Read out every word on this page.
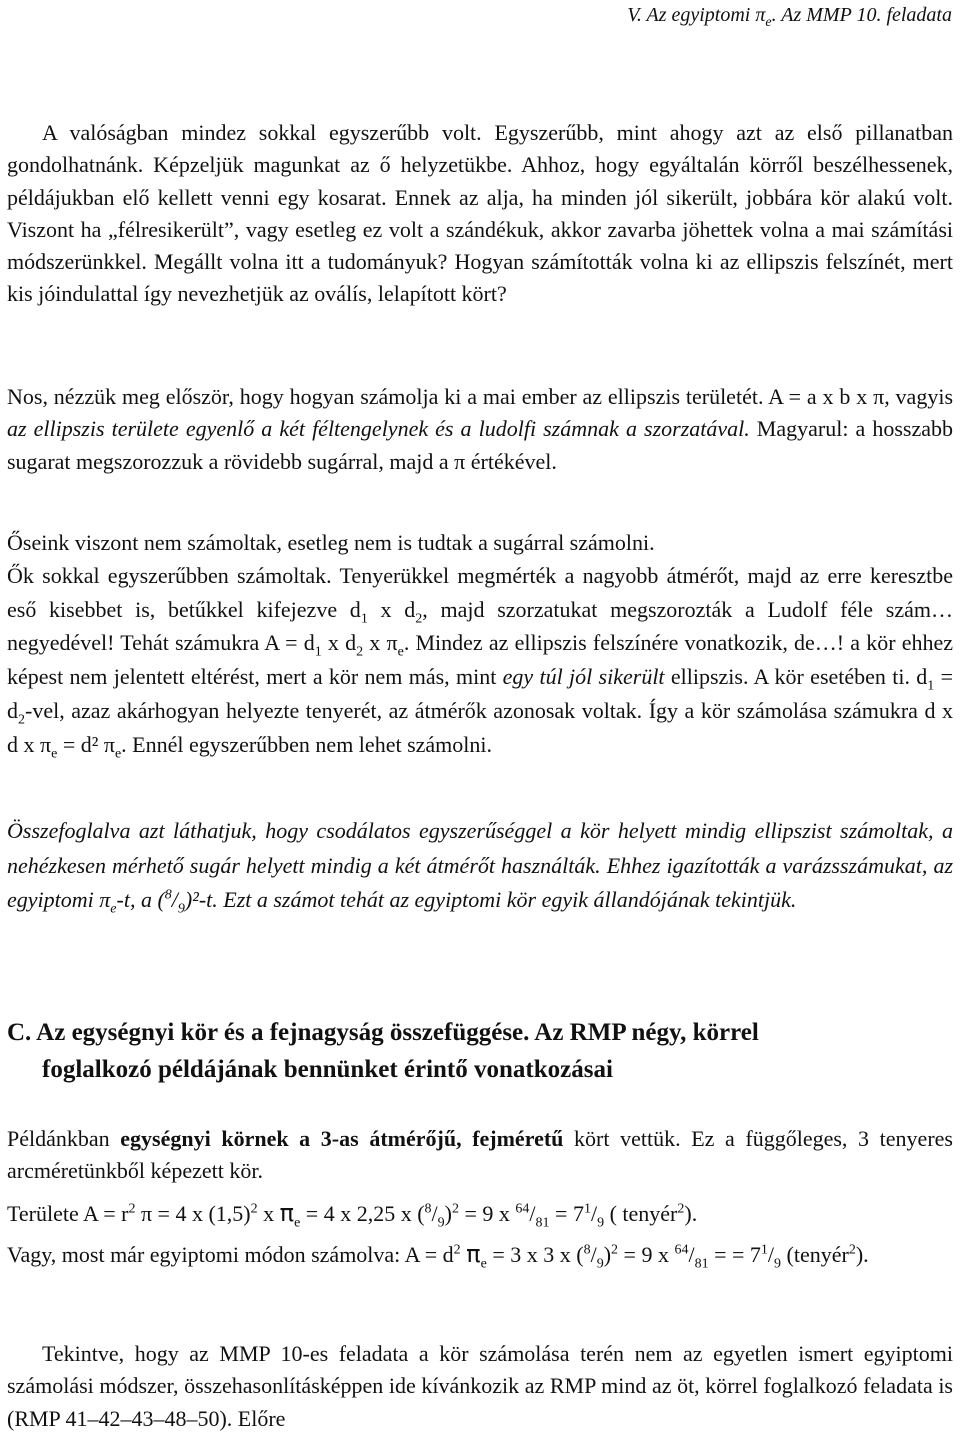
V. Az egyiptomi $\pi_e$. Az MMP 10. feladata

A valóságban mindez sokkal egyszerűbb volt. Egyszerűbb, mint ahogy azt az első pillanatban gondolhatnánk. Képzeljük magunkat az ő helyzetükbe. Ahhoz, hogy egyáltalán körről beszélhessenek, példájukban elő kellett venni egy kosarat. Ennek az alja, ha minden jól sikerült, jobbára kör alakú volt. Viszont ha „félresikerült”, vagy esetleg ez volt a szándékuk, akkor zavarba jöhettek volna a mai számítási módszerünkkel. Megállt volna itt a tudományuk? Hogyan számították volna ki az ellipszis felszínét, mert kis jóindulattal így nevezhetjük az oválís, lelapított kört?

Nos, nézzük meg először, hogy hogyan számolja ki a mai ember az ellipszis területét. A = a x b x π, vagyis az ellipszis területe egyenlő a két féltengelynek és a ludolfi számnak a szorzatával. Magyarul: a hosszabb sugarat megszorozzuk a rövidebb sugárral, majd a π értékével.

Őseink viszont nem számoltak, esetleg nem is tudtak a sugárral számolni.

Ők sokkal egyszerűbben számoltak. Tenyerükkel megmérték a nagyobb átmérőt, majd az erre keresztbe eső kisebbet is, betűkkel kifejezve $d_1$ x $d_2$, majd szorzatukat megszorozták a Ludolf féle szám… negyedével! Tehát számukra $A = d_1$ x $d_2$ x $\pi_e$. Mindez az ellipszis felszínére vonatkozik, de…! a kör ehhez képest nem jelentett eltérést, mert a kör nem más, mint egy túl jól sikerült ellipszis. A kör esetében ti. $d_1 = d_2-vel$, azaz akárhogyan helyezte tenyerét, az átmérők azonosak voltak. Így a kör számolása számukra d x d x $\pi_e = d^2$ $\pi_e$. Ennél egyszerűbben nem lehet számolni.

Összefoglalva azt láthatjuk, hogy csodálatos egyszerűséggel a kör helyett mindig ellipszist számoltak, a nehézkesen mérhető sugár helyett mindig a két átmérőt használták. Ehhez igazították a varázsszámukat, az egyiptomi $\pi_e-t$, a $(^8/_9)^2-t$. Ezt a számot tehát az egyiptomi kör egyik állandójának tekintjük.

C. Az egységnyi kör és a fejnagyság összefüggése. Az RMP négy, körrel
foglalkozó példájának bennünket érintő vonatkozásai

Példánkban egységnyi körnek a 3-as átmérőjű, fejméretű kört vettük. Ez a függőleges, 3 tenyeres arcméretünkből képezett kör.

Területe $A = r^2$ π = 4 x $(1,5)^2$ x $\pi_e = 4$ x 2,25 x $(^8/_9)^2 = 9$ x $^{64}/_{81} = 7^1/_9$ ( tenyér$^2$).

Vagy, most már egyiptomi módon számolva: $A = d^2$ $\pi_e = 3$ x 3 x $(^8/_9)^2 = 9$ x $^{64}/_{81}$ = = $7^1/_9$ (tenyér$^2$).

Tekintve, hogy az MMP 10-es feladata a kör számolása terén nem az egyetlen ismert egyiptomi számolási módszer, összehasonlításképpen ide kívánkozik az RMP mind az öt, körrel foglalkozó feladata is (RMP 41–42–43–48–50). Előre
